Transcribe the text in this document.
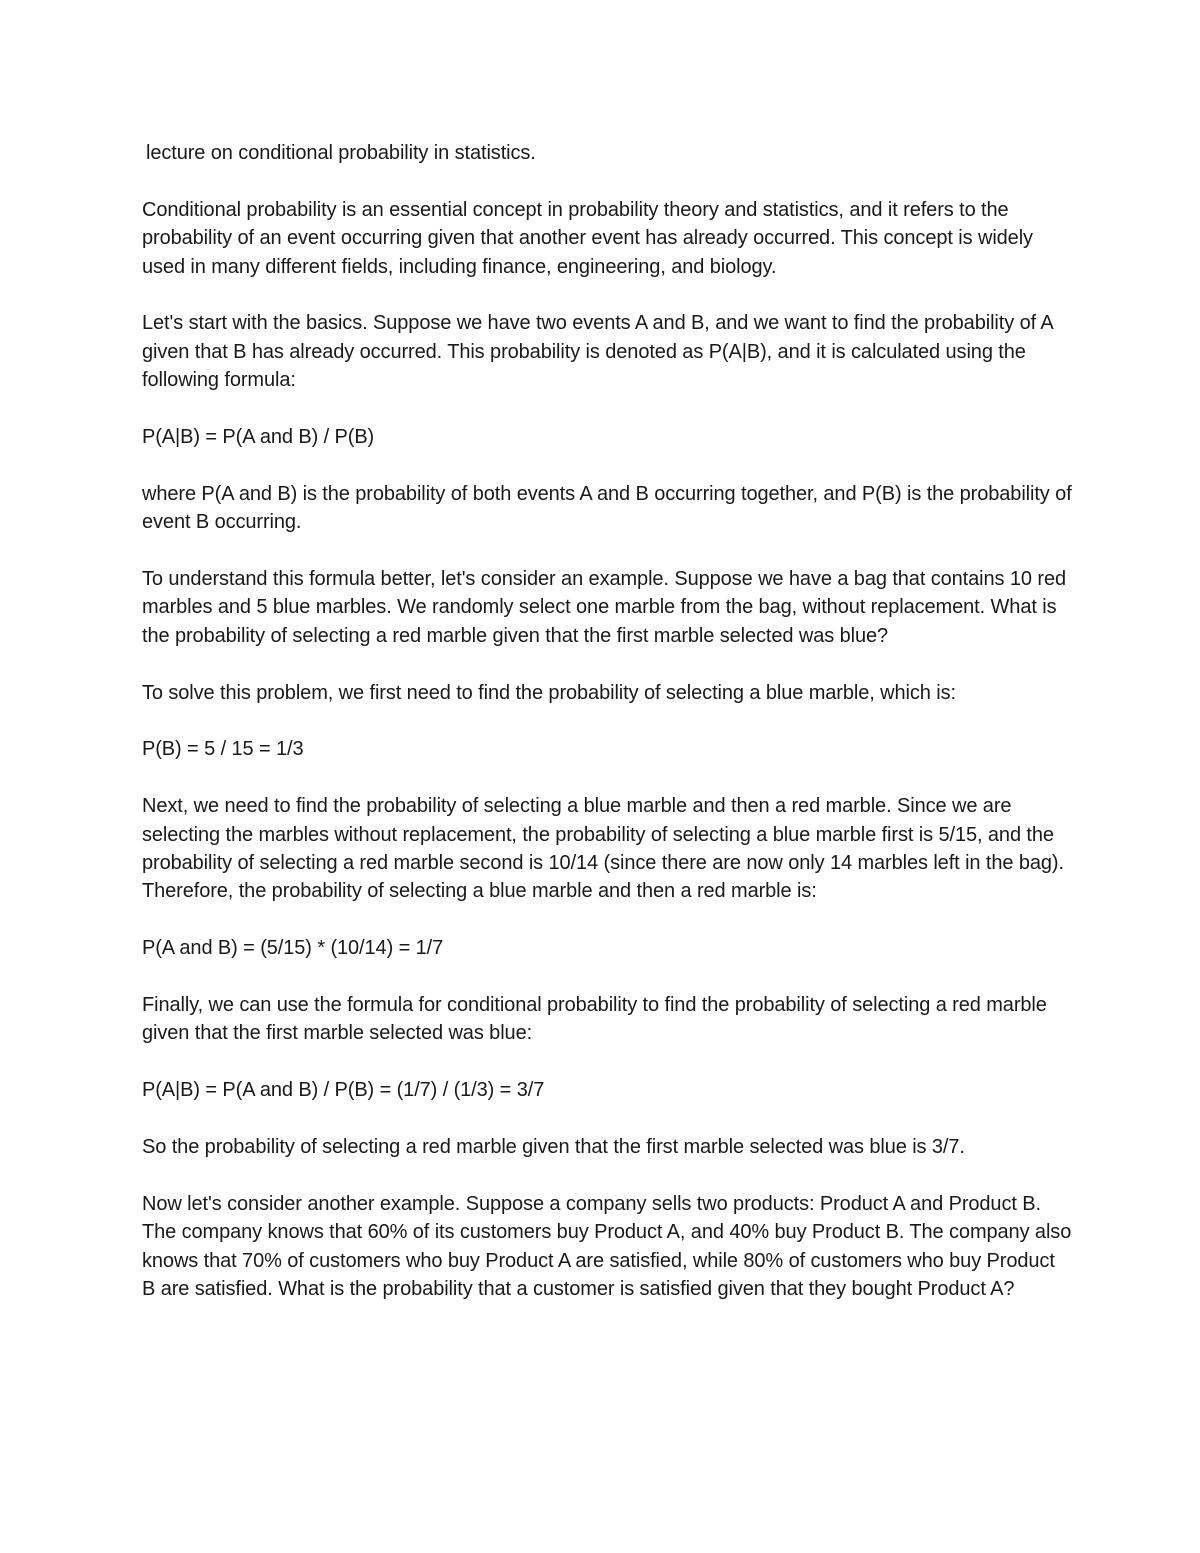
lecture on conditional probability in statistics.

Conditional probability is an essential concept in probability theory and statistics, and it refers to the probability of an event occurring given that another event has already occurred. This concept is widely used in many different fields, including finance, engineering, and biology.

Let's start with the basics. Suppose we have two events A and B, and we want to find the probability of A given that B has already occurred. This probability is denoted as P(A|B), and it is calculated using the following formula:

P(A|B) = P(A and B) / P(B)

where P(A and B) is the probability of both events A and B occurring together, and P(B) is the probability of event B occurring.

To understand this formula better, let's consider an example. Suppose we have a bag that contains 10 red marbles and 5 blue marbles. We randomly select one marble from the bag, without replacement. What is the probability of selecting a red marble given that the first marble selected was blue?

To solve this problem, we first need to find the probability of selecting a blue marble, which is:

P(B) = 5 / 15 = 1/3

Next, we need to find the probability of selecting a blue marble and then a red marble. Since we are selecting the marbles without replacement, the probability of selecting a blue marble first is 5/15, and the probability of selecting a red marble second is 10/14 (since there are now only 14 marbles left in the bag). Therefore, the probability of selecting a blue marble and then a red marble is:

P(A and B) = (5/15) * (10/14) = 1/7

Finally, we can use the formula for conditional probability to find the probability of selecting a red marble given that the first marble selected was blue:

P(A|B) = P(A and B) / P(B) = (1/7) / (1/3) = 3/7

So the probability of selecting a red marble given that the first marble selected was blue is 3/7.

Now let's consider another example. Suppose a company sells two products: Product A and Product B. The company knows that 60% of its customers buy Product A, and 40% buy Product B. The company also knows that 70% of customers who buy Product A are satisfied, while 80% of customers who buy Product B are satisfied. What is the probability that a customer is satisfied given that they bought Product A?
